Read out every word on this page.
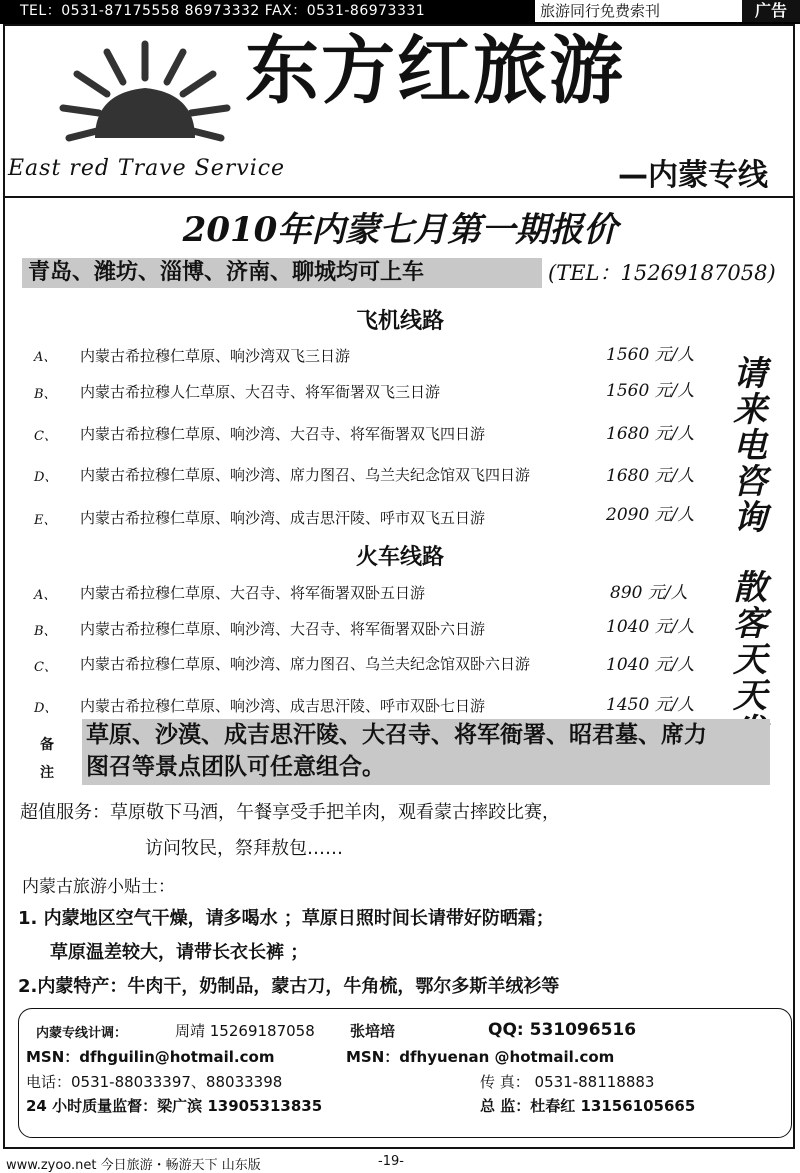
TEL：0531-87175558 86973332 FAX：0531-86973331	旅游同行免费索刊	广告
东方红旅游
East red Trave Service	—内蒙专线
2010年内蒙七月第一期报价
青岛、潍坊、淄博、济南、聊城均可上车	(TEL：15269187058)
飞机线路
A、 内蒙古希拉穆仁草原、响沙湾双飞三日游	1560 元/人
B、 内蒙古希拉穆人仁草原、大召寺、将军衙署双飞三日游	1560 元/人
C、 内蒙古希拉穆仁草原、响沙湾、大召寺、将军衙署双飞四日游	1680 元/人
D、 内蒙古希拉穆仁草原、响沙湾、席力图召、乌兰夫纪念馆双飞四日游	1680 元/人
E、 内蒙古希拉穆仁草原、响沙湾、成吉思汗陵、呼市双飞五日游	2090 元/人
请来电咨询
火车线路
A、 内蒙古希拉穆仁草原、大召寺、将军衙署双卧五日游	890 元/人
B、 内蒙古希拉穆仁草原、响沙湾、大召寺、将军衙署双卧六日游	1040 元/人
C、 内蒙古希拉穆仁草原、响沙湾、席力图召、乌兰夫纪念馆双卧六日游	1040 元/人
D、 内蒙古希拉穆仁草原、响沙湾、成吉思汗陵、呼市双卧七日游	1450 元/人
散客天天
备
注
草原、沙漠、成吉思汗陵、大召寺、将军衙署、昭君墓、席力
图召等景点团队可任意组合。
超值服务：草原敬下马酒，午餐享受手把羊肉，观看蒙古摔跤比赛，
访问牧民，祭拜敖包……
内蒙古旅游小贴士：
1. 内蒙地区空气干燥，请多喝水 ；草原日照时间长请带好防晒霜；
草原温差较大，请带长衣长裤 ；
2.内蒙特产：牛肉干，奶制品，蒙古刀，牛角梳，鄂尔多斯羊绒衫等
内蒙专线计调：	周靖 15269187058 张培培	QQ: 531096516
MSN：dfhguilin@hotmail.com	MSN：dfhyuenan @hotmail.com
电话：0531-88033397、88033398	传 真： 0531-88118883
24 小时质量监督：梁广滨 13905313835	总 监：杜春红 13156105665
www.zyoo.net 今日旅游・畅游天下 山东版	-19-
